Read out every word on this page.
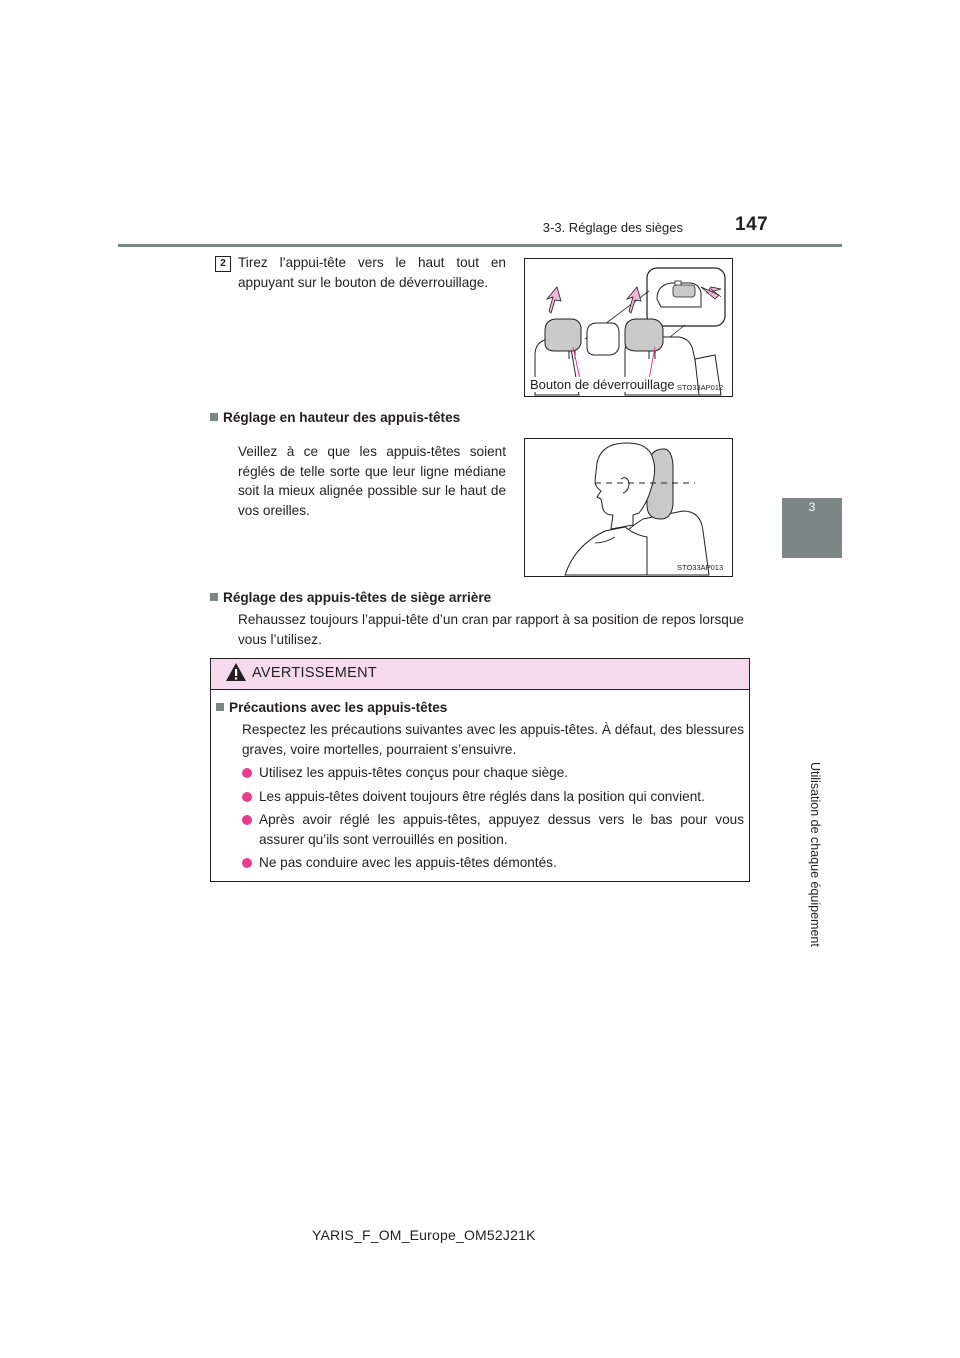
3-3. Réglage des sièges	147
3
Utilisation de chaque équipement
2 Tirez l’appui-tête vers le haut tout en appuyant sur le bouton de déverrouillage.
Bouton de déverrouillage STO33AP012
Réglage en hauteur des appuis-têtes
Veillez à ce que les appuis-têtes soient réglés de telle sorte que leur ligne médiane soit la mieux alignée possible sur le haut de vos oreilles.
STO33AP013
Réglage des appuis-têtes de siège arrière
Rehaussez toujours l’appui-tête d’un cran par rapport à sa position de repos lorsque vous l’utilisez.
AVERTISSEMENT
Précautions avec les appuis-têtes
Respectez les précautions suivantes avec les appuis-têtes. À défaut, des blessures graves, voire mortelles, pourraient s’ensuivre.
Utilisez les appuis-têtes conçus pour chaque siège.
Les appuis-têtes doivent toujours être réglés dans la position qui convient.
Après avoir réglé les appuis-têtes, appuyez dessus vers le bas pour vous assurer qu’ils sont verrouillés en position.
Ne pas conduire avec les appuis-têtes démontés.
YARIS_F_OM_Europe_OM52J21K
